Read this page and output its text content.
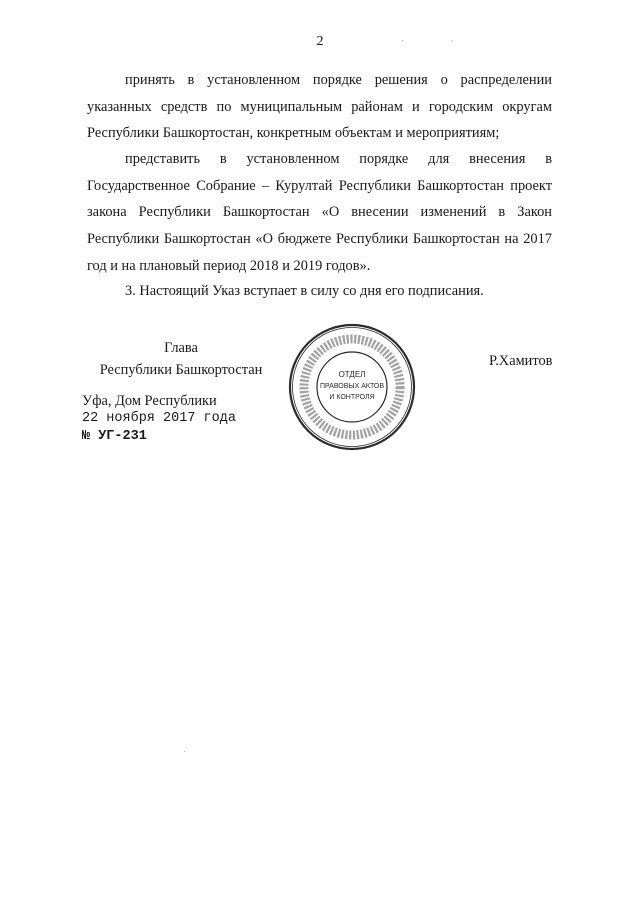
2

принять в установленном порядке решения о распределении указанных средств по муниципальным районам и городским округам Республики Башкортостан, конкретным объектам и мероприятиям;

представить в установленном порядке для внесения в Государственное Собрание – Курултай Республики Башкортостан проект закона Республики Башкортостан «О внесении изменений в Закон Республики Башкортостан «О бюджете Республики Башкортостан на 2017 год и на плановый период 2018 и 2019 годов».

3. Настоящий Указ вступает в силу со дня его подписания.

Глава
Республики Башкортостан
Р.Хамитов
Уфа, Дом Республики
22 ноября 2017 года
№ УГ-231
ОТДЕЛ
ПРАВОВЫХ АКТОВ
И КОНТРОЛЯ
